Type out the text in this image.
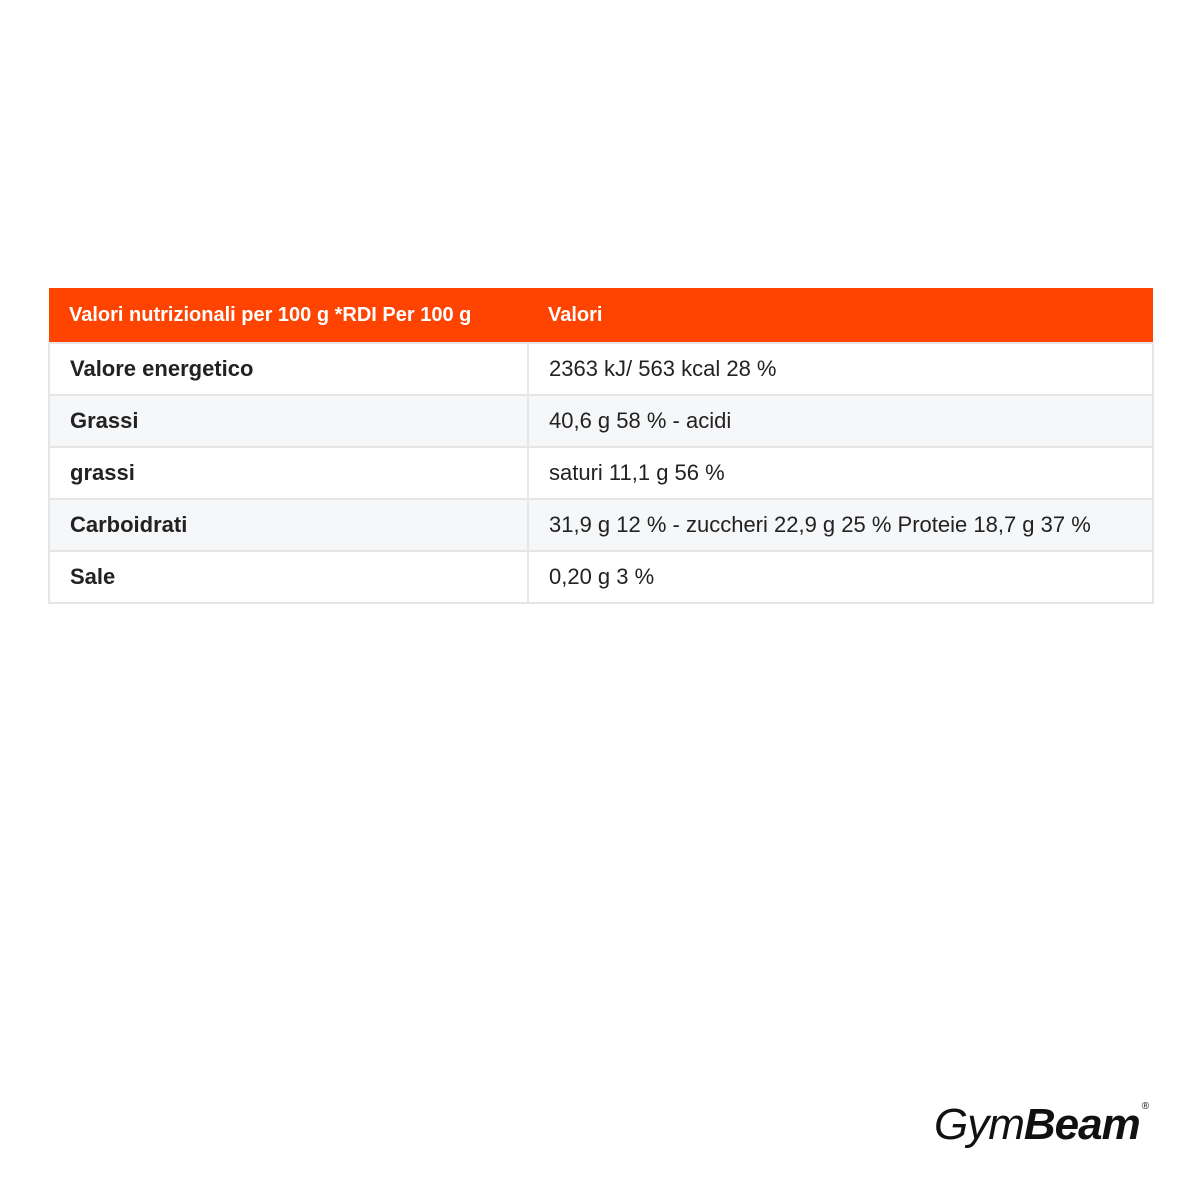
Valori nutrizionali per 100 g *RDI Per 100 g	Valori
Valore energetico	2363 kJ/ 563 kcal 28 %
Grassi	40,6 g 58 % - acidi
grassi	saturi 11,1 g 56 %
Carboidrati	31,9 g 12 % - zuccheri 22,9 g 25 % Proteie 18,7 g 37 %
Sale	0,20 g 3 %
Gym Beam ®
